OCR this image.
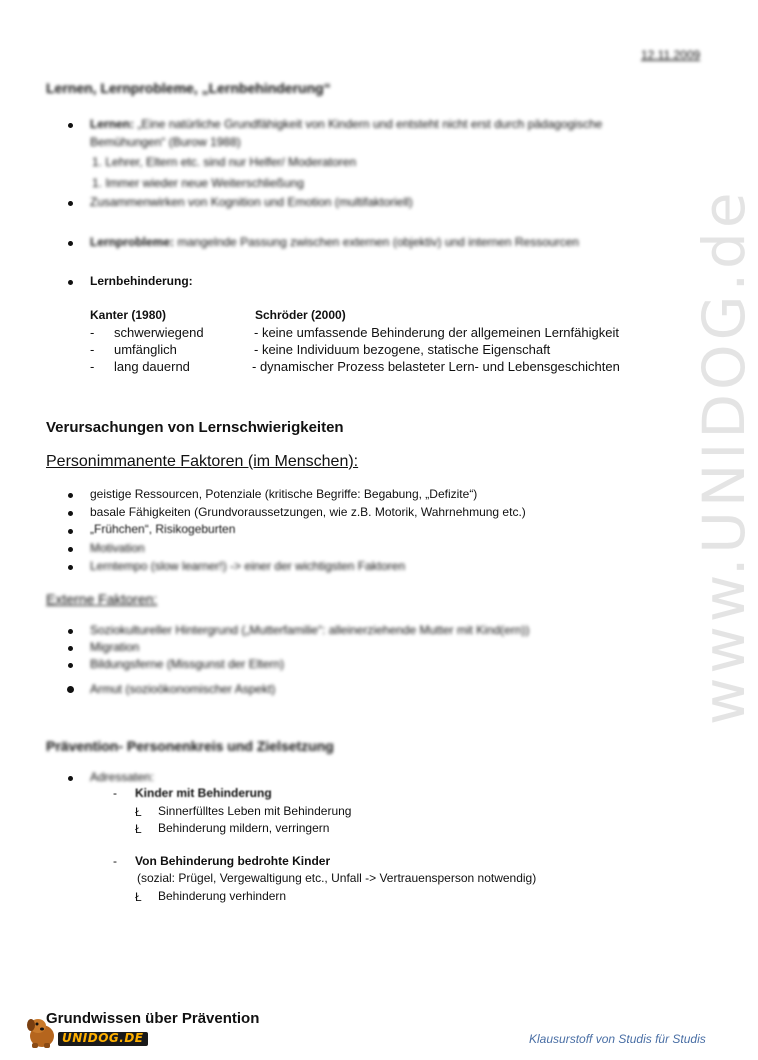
www.UNIDOG.de
12.11.2009
Lernen, Lernprobleme, „Lernbehinderung“
Lernen: „Eine natürliche Grundfähigkeit von Kindern und entsteht nicht erst durch pädagogische
Bemühungen“ (Burow 1988)
1. Lehrer, Eltern etc. sind nur Helfer/ Moderatoren
1. Immer wieder neue Weiterschließung
Zusammenwirken von Kognition und Emotion (multifaktoriell)
Lernprobleme: mangelnde Passung zwischen externen (objektiv) und internen Ressourcen
Lernbehinderung:
Kanter (1980)	Schröder (2000)
- schwerwiegend	- keine umfassende Behinderung der allgemeinen Lernfähigkeit
- umfänglich	- keine Individuum bezogene, statische Eigenschaft
- lang dauernd	- dynamischer Prozess belasteter Lern- und Lebensgeschichten
Verursachungen von Lernschwierigkeiten
Personimmanente Faktoren (im Menschen):
geistige Ressourcen, Potenziale (kritische Begriffe: Begabung, „Defizite“)
basale Fähigkeiten (Grundvoraussetzungen, wie z.B. Motorik, Wahrnehmung etc.)
„Frühchen“, Risikogeburten
Motivation
Lerntempo (slow learner!) -> einer der wichtigsten Faktoren
Externe Faktoren:
Soziokultureller Hintergrund („Mutterfamilie“: alleinerziehende Mutter mit Kind(ern))
Migration
Bildungsferne (Missgunst der Eltern)
Armut (sozioökonomischer Aspekt)
Prävention- Personenkreis und Zielsetzung
Adressaten:
- Kinder mit Behinderung
Ł Sinnerfülltes Leben mit Behinderung
Ł Behinderung mildern, verringern
- Von Behinderung bedrohte Kinder
(sozial: Prügel, Vergewaltigung etc., Unfall -> Vertrauensperson notwendig)
Ł Behinderung verhindern
Grundwissen über Prävention
UNIDOG.DE	Klausurstoff von Studis für Studis
